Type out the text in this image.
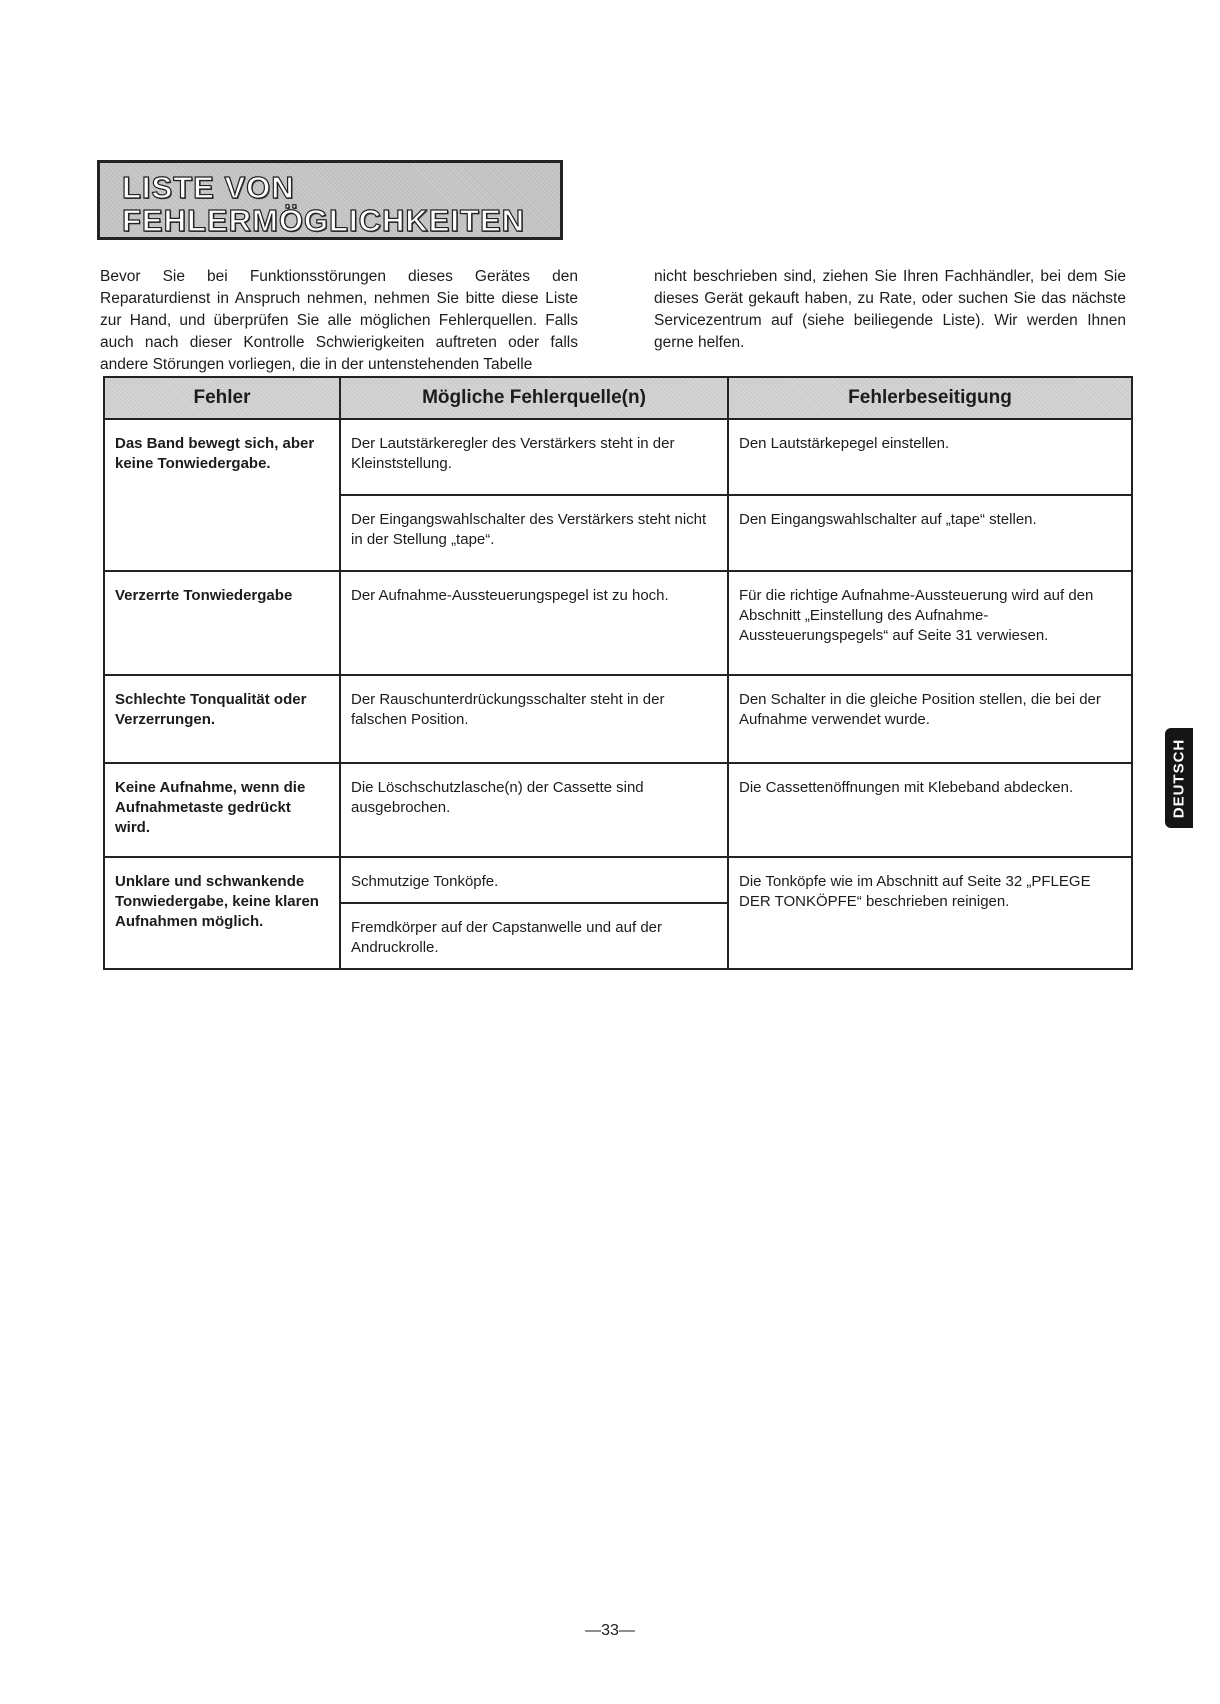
LISTE VON
FEHLERMÖGLICHKEITEN

Bevor Sie bei Funktionsstörungen dieses Gerätes den Reparaturdienst in Anspruch nehmen, nehmen Sie bitte diese Liste zur Hand, und überprüfen Sie alle möglichen Fehlerquellen. Falls auch nach dieser Kontrolle Schwierigkeiten auftreten oder falls andere Störungen vorliegen, die in der untenstehenden Tabelle

nicht beschrieben sind, ziehen Sie Ihren Fachhändler, bei dem Sie dieses Gerät gekauft haben, zu Rate, oder suchen Sie das nächste Servicezentrum auf (siehe beiliegende Liste). Wir werden Ihnen gerne helfen.

Fehler	Mögliche Fehlerquelle(n)	Fehlerbeseitigung
Das Band bewegt sich, aber keine Tonwiedergabe.	Der Lautstärkeregler des Verstärkers steht in der Kleinststellung.	Den Lautstärkepegel einstellen.
	Der Eingangswahlschalter des Verstärkers steht nicht in der Stellung „tape“.	Den Eingangswahlschalter auf „tape“ stellen.
Verzerrte Tonwiedergabe	Der Aufnahme-Aussteuerungspegel ist zu hoch.	Für die richtige Aufnahme-Aussteuerung wird auf den Abschnitt „Einstellung des Aufnahme-Aussteuerungspegels“ auf Seite 31 verwiesen.
Schlechte Tonqualität oder Verzerrungen.	Der Rauschunterdrückungsschalter steht in der falschen Position.	Den Schalter in die gleiche Position stellen, die bei der Aufnahme verwendet wurde.
Keine Aufnahme, wenn die Aufnahmetaste gedrückt wird.	Die Löschschutzlasche(n) der Cassette sind ausgebrochen.	Die Cassettenöffnungen mit Klebeband abdecken.
Unklare und schwankende Tonwiedergabe, keine klaren Aufnahmen möglich.	Schmutzige Tonköpfe.	Die Tonköpfe wie im Abschnitt auf Seite 32 „PFLEGE DER TONKÖPFE“ beschrieben reinigen.
	Fremdkörper auf der Capstanwelle und auf der Andruckrolle.	
DEUTSCH
—33—
